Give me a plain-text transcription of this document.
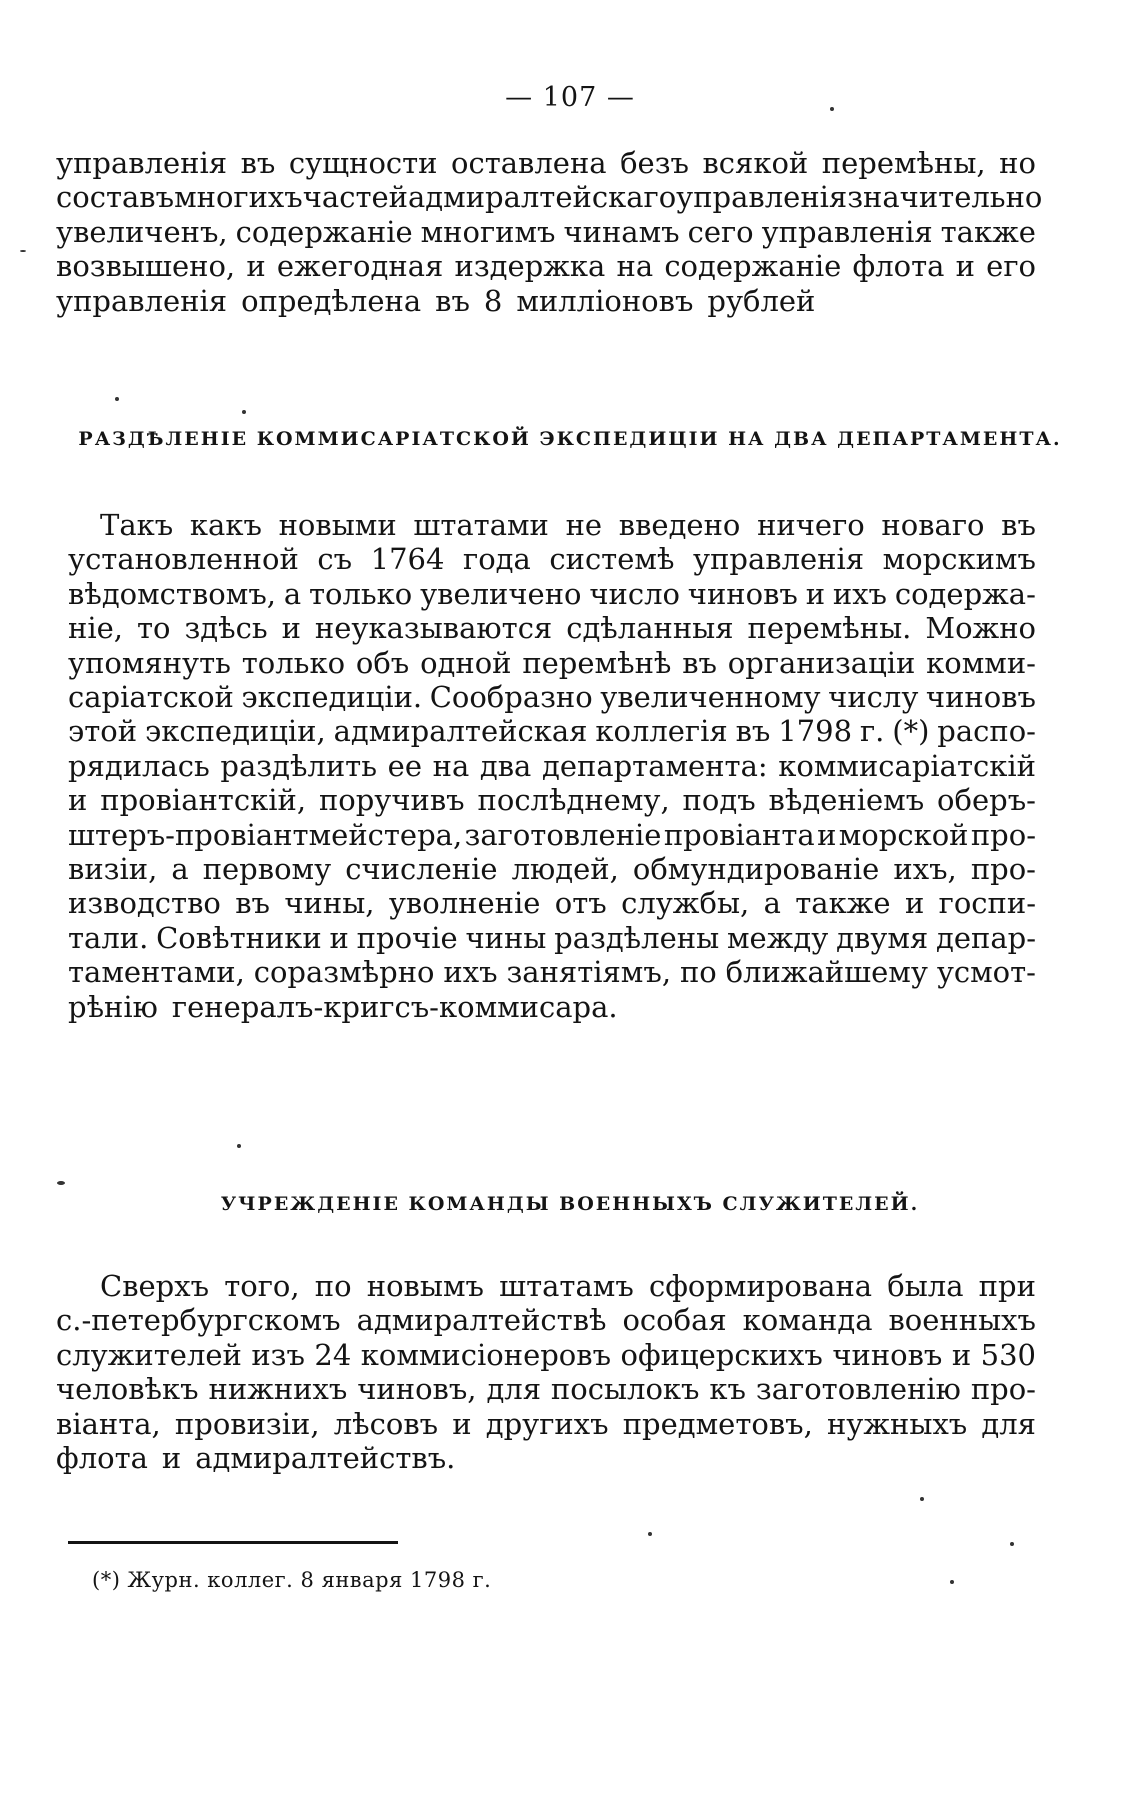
— 107 —
управленія въ сущности оставлена безъ всякой перемѣны, но
составъ многихъ частей адмиралтейскаго управленія значительно
увеличенъ, содержаніе многимъ чинамъ сего управленія также
возвышено, и ежегодная издержка на содержаніе флота и его
управленія опредѣлена въ 8 милліоновъ рублей
РАЗДѢЛЕНІЕ КОММИСАРІАТСКОЙ ЭКСПЕДИЦІИ НА ДВА ДЕПАРТАМЕНТА.
Такъ какъ новыми штатами не введено ничего новаго въ
установленной съ 1764 года системѣ управленія морскимъ
вѣдомствомъ, а только увеличено число чиновъ и ихъ содержа-
ніе, то здѣсь и неуказываются сдѣланныя перемѣны. Можно
упомянуть только объ одной перемѣнѣ въ организаціи комми-
саріатской экспедиціи. Сообразно увеличенному числу чиновъ
этой экспедиціи, адмиралтейская коллегія въ 1798 г. (*) распо-
рядилась раздѣлить ее на два департамента: коммисаріатскій
и провіантскій, поручивъ послѣднему, подъ вѣденіемъ оберъ-
штеръ-провіантмейстера, заготовленіе провіанта и морской про-
визіи, а первому счисленіе людей, обмундированіе ихъ, про-
изводство въ чины, уволненіе отъ службы, а также и госпи-
тали. Совѣтники и прочіе чины раздѣлены между двумя депар-
таментами, соразмѣрно ихъ занятіямъ, по ближайшему усмот-
рѣнію генералъ-кригсъ-коммисара.
УЧРЕЖДЕНІЕ КОМАНДЫ ВОЕННЫХЪ СЛУЖИТЕЛЕЙ.
Сверхъ того, по новымъ штатамъ сформирована была при
с.-петербургскомъ адмиралтействѣ особая команда военныхъ
служителей изъ 24 коммисіонеровъ офицерскихъ чиновъ и 530
человѣкъ нижнихъ чиновъ, для посылокъ къ заготовленію про-
віанта, провизіи, лѣсовъ и другихъ предметовъ, нужныхъ для
флота и адмиралтействъ.
(*) Журн. коллег. 8 января 1798 г.
